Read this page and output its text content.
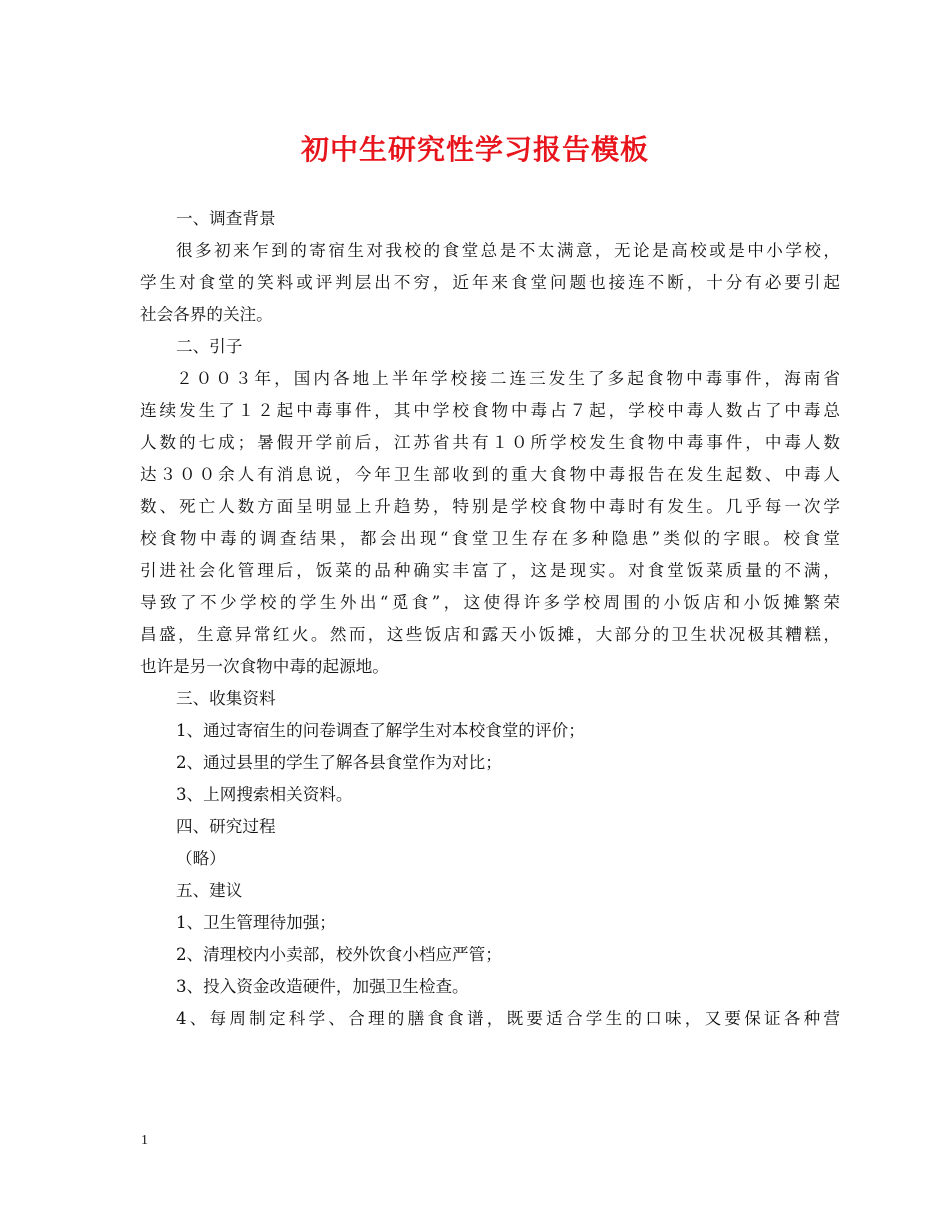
初中生研究性学习报告模板
一、调查背景
很多初来乍到的寄宿生对我校的食堂总是不太满意，无论是高校或是中小学校，
学生对食堂的笑料或评判层出不穷，近年来食堂问题也接连不断，十分有必要引起
社会各界的关注。
二、引子
２００３年，国内各地上半年学校接二连三发生了多起食物中毒事件，海南省
连续发生了１２起中毒事件，其中学校食物中毒占７起，学校中毒人数占了中毒总
人数的七成；暑假开学前后，江苏省共有１０所学校发生食物中毒事件，中毒人数
达３００余人有消息说，今年卫生部收到的重大食物中毒报告在发生起数、中毒人
数、死亡人数方面呈明显上升趋势，特别是学校食物中毒时有发生。几乎每一次学
校食物中毒的调查结果，都会出现“食堂卫生存在多种隐患”类似的字眼。校食堂
引进社会化管理后，饭菜的品种确实丰富了，这是现实。对食堂饭菜质量的不满，
导致了不少学校的学生外出“觅食”，这使得许多学校周围的小饭店和小饭摊繁荣
昌盛，生意异常红火。然而，这些饭店和露天小饭摊，大部分的卫生状况极其糟糕，
也许是另一次食物中毒的起源地。
三、收集资料
1、通过寄宿生的问卷调查了解学生对本校食堂的评价；
2、通过县里的学生了解各县食堂作为对比；
3、上网搜索相关资料。
四、研究过程
（略）
五、建议
1、卫生管理待加强；
2、清理校内小卖部，校外饮食小档应严管；
3、投入资金改造硬件，加强卫生检查。
4、每周制定科学、合理的膳食食谱，既要适合学生的口味，又要保证各种营
1
